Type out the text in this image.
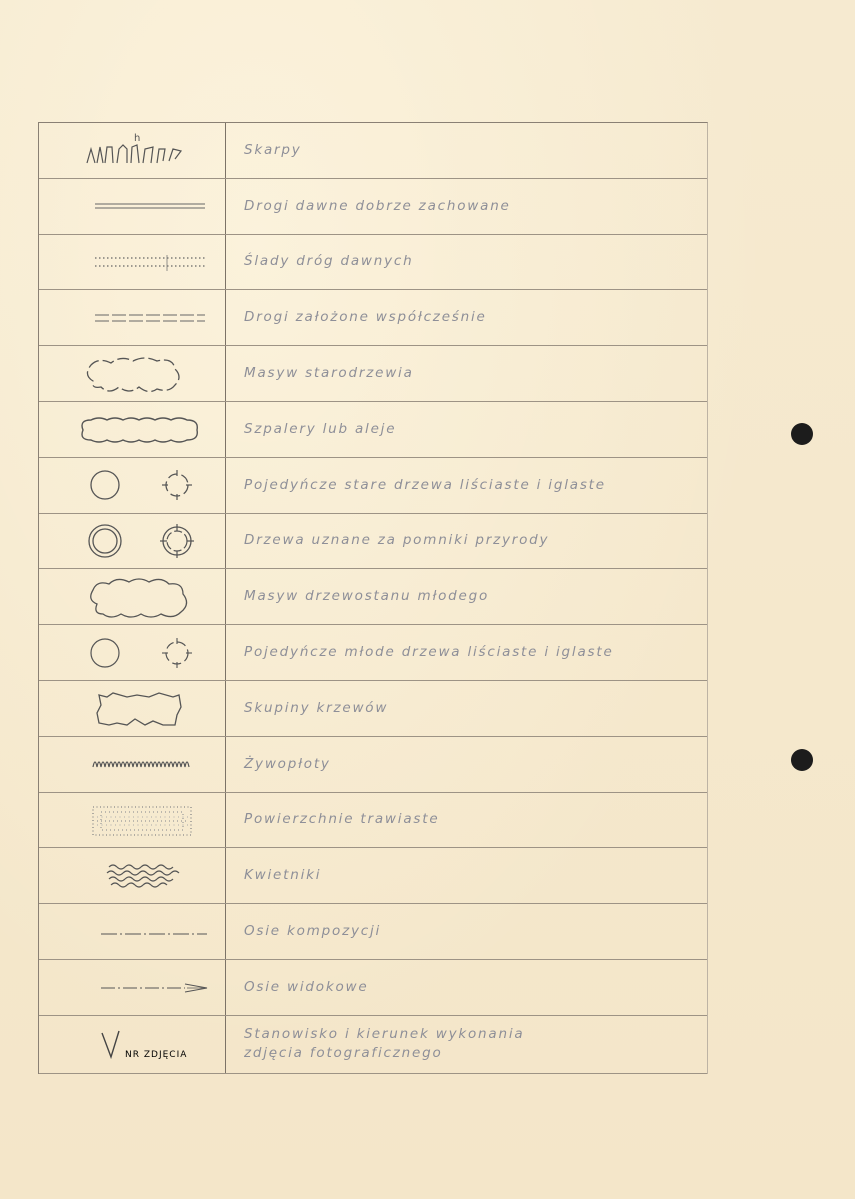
h
Skarpy
Drogi dawne dobrze zachowane
Ślady dróg dawnych
Drogi założone współcześnie
Masyw starodrzewia
Szpalery lub aleje
Pojedyńcze stare drzewa liściaste i iglaste
Drzewa uznane za pomniki przyrody
Masyw drzewostanu młodego
Pojedyńcze młode drzewa liściaste i iglaste
Skupiny krzewów
Żywopłoty
Powierzchnie trawiaste
Kwietniki
Osie kompozycji
Osie widokowe
NR ZDJĘCIA
Stanowisko i kierunek wykonania
zdjęcia fotograficznego
